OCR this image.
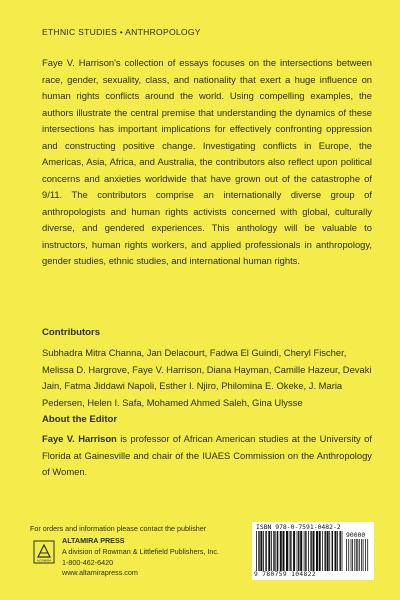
ETHNIC STUDIES • ANTHROPOLOGY

Faye V. Harrison's collection of essays focuses on the intersections between race, gender, sexuality, class, and nationality that exert a huge influence on human rights conflicts around the world. Using compelling examples, the authors illustrate the central premise that understanding the dynamics of these intersections has important implications for effectively confronting oppression and constructing positive change. Investigating conflicts in Europe, the Americas, Asia, Africa, and Australia, the contributors also reflect upon political concerns and anxieties worldwide that have grown out of the catastrophe of 9/11. The contributors comprise an internationally diverse group of anthropologists and human rights activists concerned with global, culturally diverse, and gendered experiences. This anthology will be valuable to instructors, human rights workers, and applied professionals in anthropology, gender studies, ethnic studies, and international human rights.

Contributors

Subhadra Mitra Channa, Jan Delacourt, Fadwa El Guindi, Cheryl Fischer, Melissa D. Hargrove, Faye V. Harrison, Diana Hayman, Camille Hazeur, Devaki Jain, Fatma Jiddawi Napoli, Esther I. Njiro, Philomina E. Okeke, J. Maria Pedersen, Helen I. Safa, Mohamed Ahmed Saleh, Gina Ulysse

About the Editor

Faye V. Harrison is professor of African American studies at the University of Florida at Gainesville and chair of the IUAES Commission on the Anthropology of Women.

For orders and information please contact the publisher
ALTAMIRA
ALTAMIRA PRESS
A division of Rowman & Littlefield Publishers, Inc.
1-800-462-6420
www.altamirapress.com
ISBN 978-0-7591-0482-2
90000
9 780759 104822
